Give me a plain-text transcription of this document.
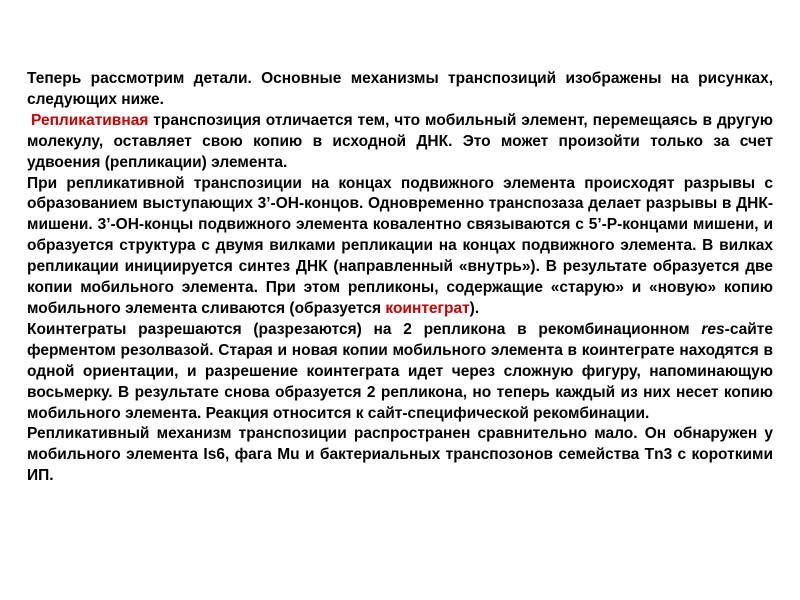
Теперь рассмотрим детали. Основные механизмы транспозиций изображены на рисунках, следующих ниже.

Репликативная транспозиция отличается тем, что мобильный элемент, перемещаясь в другую молекулу, оставляет свою копию в исходной ДНК. Это может произойти только за счет удвоения (репликации) элемента.

При репликативной транспозиции на концах подвижного элемента происходят разрывы с образованием выступающих 3’-OH-концов. Одновременно транспозаза делает разрывы в ДНК-мишени. 3’-OH-концы подвижного элемента ковалентно связываются с 5’-P-концами мишени, и образуется структура с двумя вилками репликации на концах подвижного элемента. В вилках репликации инициируется синтез ДНК (направленный «внутрь»). В результате образуется две копии мобильного элемента. При этом репликоны, содержащие «старую» и «новую» копию мобильного элемента сливаются (образуется коинтеграт).

Коинтеграты разрешаются (разрезаются) на 2 репликона в рекомбинационном res-сайте ферментом резолвазой. Старая и новая копии мобильного элемента в коинтеграте находятся в одной ориентации, и разрешение коинтеграта идет через сложную фигуру, напоминающую восьмерку. В результате снова образуется 2 репликона, но теперь каждый из них несет копию мобильного элемента. Реакция относится к сайт-специфической рекомбинации.

Репликативный механизм транспозиции распространен сравнительно мало. Он обнаружен у мобильного элемента Is6, фага Mu и бактериальных транспозонов семейства Tn3 с короткими ИП.
